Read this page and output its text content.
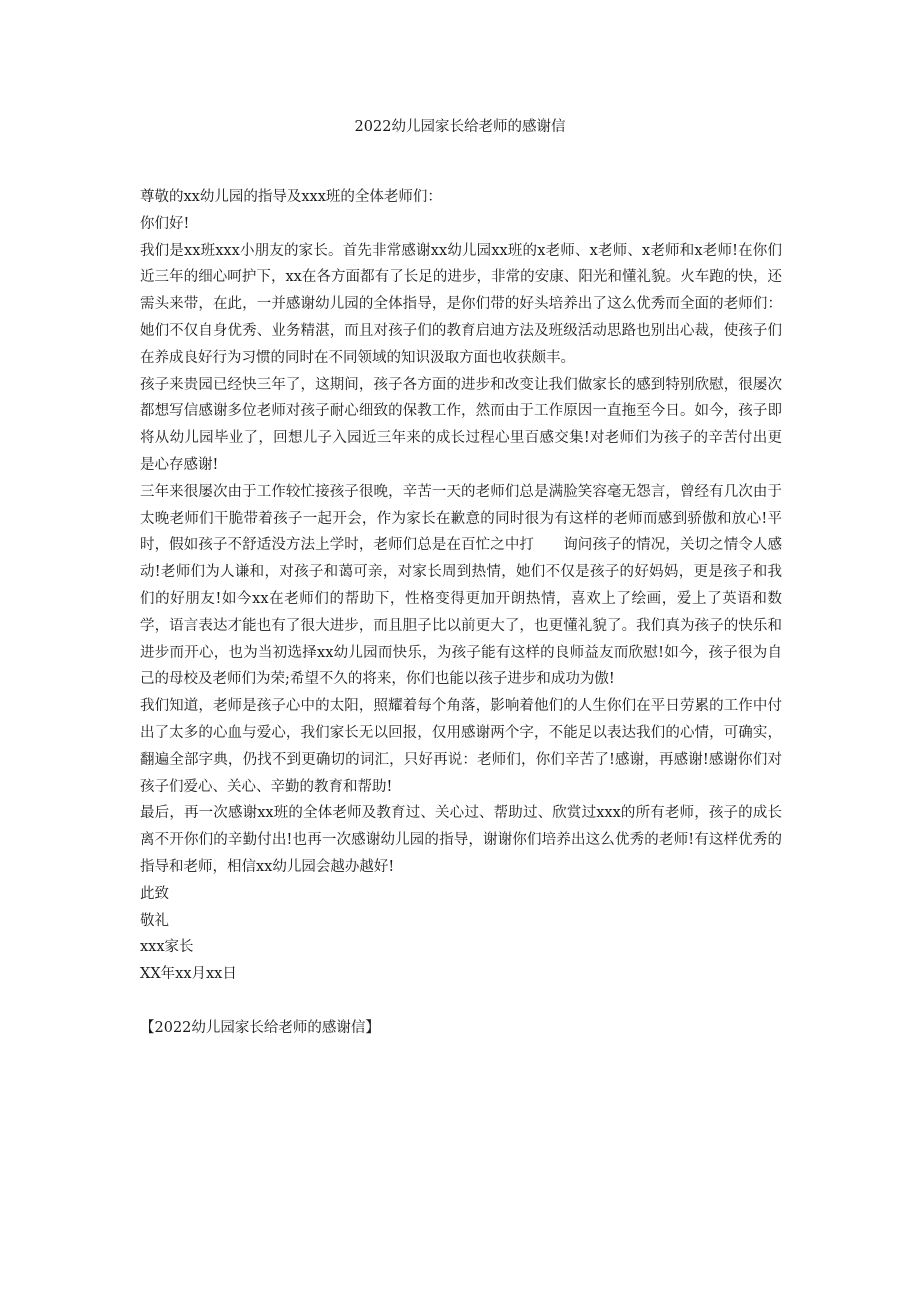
2022幼儿园家长给老师的感谢信

尊敬的xx幼儿园的指导及xxx班的全体老师们：

你们好!

我们是xx班xxx小朋友的家长。首先非常感谢xx幼儿园xx班的x老师、x老师、x老师和x老师!在你们近三年的细心呵护下，xx在各方面都有了长足的进步，非常的安康、阳光和懂礼貌。火车跑的快，还需头来带，在此，一并感谢幼儿园的全体指导，是你们带的好头培养出了这么优秀而全面的老师们：她们不仅自身优秀、业务精湛，而且对孩子们的教育启迪方法及班级活动思路也别出心裁，使孩子们在养成良好行为习惯的同时在不同领域的知识汲取方面也收获颇丰。

孩子来贵园已经快三年了，这期间，孩子各方面的进步和改变让我们做家长的感到特别欣慰，很屡次都想写信感谢多位老师对孩子耐心细致的保教工作，然而由于工作原因一直拖至今日。如今，孩子即将从幼儿园毕业了，回想儿子入园近三年来的成长过程心里百感交集!对老师们为孩子的辛苦付出更是心存感谢!

三年来很屡次由于工作较忙接孩子很晚，辛苦一天的老师们总是满脸笑容毫无怨言，曾经有几次由于太晚老师们干脆带着孩子一起开会，作为家长在歉意的同时很为有这样的老师而感到骄傲和放心!平时，假如孩子不舒适没方法上学时，老师们总是在百忙之中打　　询问孩子的情况，关切之情令人感动!老师们为人谦和，对孩子和蔼可亲，对家长周到热情，她们不仅是孩子的好妈妈，更是孩子和我们的好朋友!如今xx在老师们的帮助下，性格变得更加开朗热情，喜欢上了绘画，爱上了英语和数学，语言表达才能也有了很大进步，而且胆子比以前更大了，也更懂礼貌了。我们真为孩子的快乐和进步而开心，也为当初选择xx幼儿园而快乐，为孩子能有这样的良师益友而欣慰!如今，孩子很为自己的母校及老师们为荣;希望不久的将来，你们也能以孩子进步和成功为傲!

我们知道，老师是孩子心中的太阳，照耀着每个角落，影响着他们的人生你们在平日劳累的工作中付出了太多的心血与爱心，我们家长无以回报，仅用感谢两个字，不能足以表达我们的心情，可确实，翻遍全部字典，仍找不到更确切的词汇，只好再说：老师们，你们辛苦了!感谢，再感谢!感谢你们对孩子们爱心、关心、辛勤的教育和帮助!

最后，再一次感谢xx班的全体老师及教育过、关心过、帮助过、欣赏过xxx的所有老师，孩子的成长离不开你们的辛勤付出!也再一次感谢幼儿园的指导，谢谢你们培养出这么优秀的老师!有这样优秀的指导和老师，相信xx幼儿园会越办越好!

此致

敬礼

xxx家长

XX年xx月xx日

【2022幼儿园家长给老师的感谢信】
